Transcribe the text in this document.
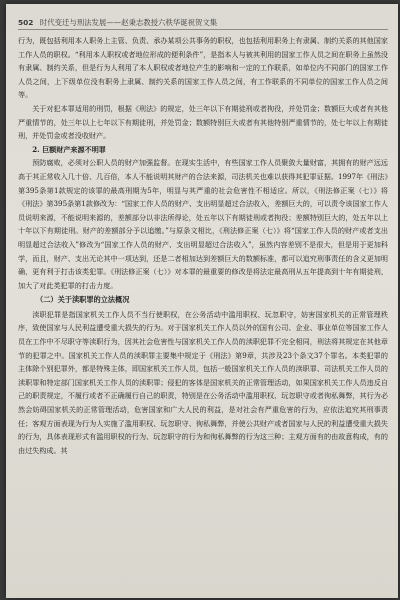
502 时代变迁与刑法发展——赵秉志教授六秩华诞祝贺文集

行为，既包括利用本人职务上主管、负责、承办某项公共事务的职权，也包括利用职务上有隶属、制约关系的其他国家工作人员的职权。“利用本人职权或者地位形成的便利条件”，是指本人与被其利用的国家工作人员之间在职务上虽然没有隶属、制约关系，但是行为人利用了本人职权或者地位产生的影响和一定的工作联系，如单位内不同部门的国家工作人员之间，上下级单位没有职务上隶属、制约关系的国家工作人员之间，有工作联系的不同单位的国家工作人员之间等。

关于对犯本罪适用的刑罚，根据《刑法》的规定，处三年以下有期徒刑或者拘役，并处罚金；数额巨大或者有其他严重情节的，处三年以上七年以下有期徒刑，并处罚金；数额特别巨大或者有其他特别严重情节的，处七年以上有期徒刑，并处罚金或者没收财产。

2. 巨额财产来源不明罪

预防腐败，必须对公职人员的财产加强监督。在现实生活中，有些国家工作人员聚敛大量财富，其拥有的财产远远高于其正常收入几十倍、几百倍，本人不能说明其财产的合法来源，司法机关也难以获得其犯罪证据。1997年《刑法》第395条第1款规定的该罪的最高刑期为5年，明显与其严重的社会危害性不相适应。所以，《刑法修正案（七）》将《刑法》第395条第1款修改为：“国家工作人员的财产、支出明显超过合法收入，差额巨大的，可以责令该国家工作人员说明来源，不能说明来源的，差额部分以非法所得论，处五年以下有期徒刑或者拘役；差额特别巨大的，处五年以上十年以下有期徒刑。财产的差额部分予以追缴。”与原条文相比，《刑法修正案（七）》将“国家工作人员的财产或者支出明显超过合法收入”修改为“国家工作人员的财产、支出明显超过合法收入”，虽然内容差别不是很大，但是用于更加科学，而且，财产、支出无论其中一项达到，还是二者相加达到差额巨大的数额标准，都可以追究刑事责任的含义更加明确，更有利于打击该类犯罪。《刑法修正案（七）》对本罪的最重要的修改是将法定最高刑从五年提高到十年有期徒刑，加大了对此类犯罪的打击力度。

（二）关于渎职罪的立法概况

渎职犯罪是指国家机关工作人员不当行使职权，在公务活动中滥用职权、玩忽职守，妨害国家机关的正常管理秩序，致使国家与人民利益遭受重大损失的行为。对于国家机关工作人员以外的国有公司、企业、事业单位等国家工作人员在工作中不尽职守等渎职行为，因其社会危害性与国家机关工作人员的渎职犯罪不完全相同，刑法将其规定在其他章节的犯罪之中。国家机关工作人员的渎职罪主要集中规定于《刑法》第9章，共涉及23个条文37个罪名。本类犯罪的主体除个别犯罪外，都是特殊主体，即国家机关工作人员，包括一般国家机关工作人员的渎职罪、司法机关工作人员的渎职罪和特定部门国家机关工作人员的渎职罪；侵犯的客体是国家机关的正常管理活动，如果国家机关工作人员违反自己的职责规定，不履行或者不正确履行自己的职责，特别是在公务活动中滥用职权、玩忽职守或者徇私舞弊，其行为必然会妨碍国家机关的正常管理活动，危害国家和广大人民的利益，是对社会有严重危害的行为，应依法追究其刑事责任；客观方面表现为行为人实施了滥用职权、玩忽职守、徇私舞弊，并使公共财产或者国家与人民的利益遭受重大损失的行为，具体表现形式有滥用职权的行为、玩忽职守的行为和徇私舞弊的行为这三种；主观方面有的由故意构成，有的由过失构成。其
